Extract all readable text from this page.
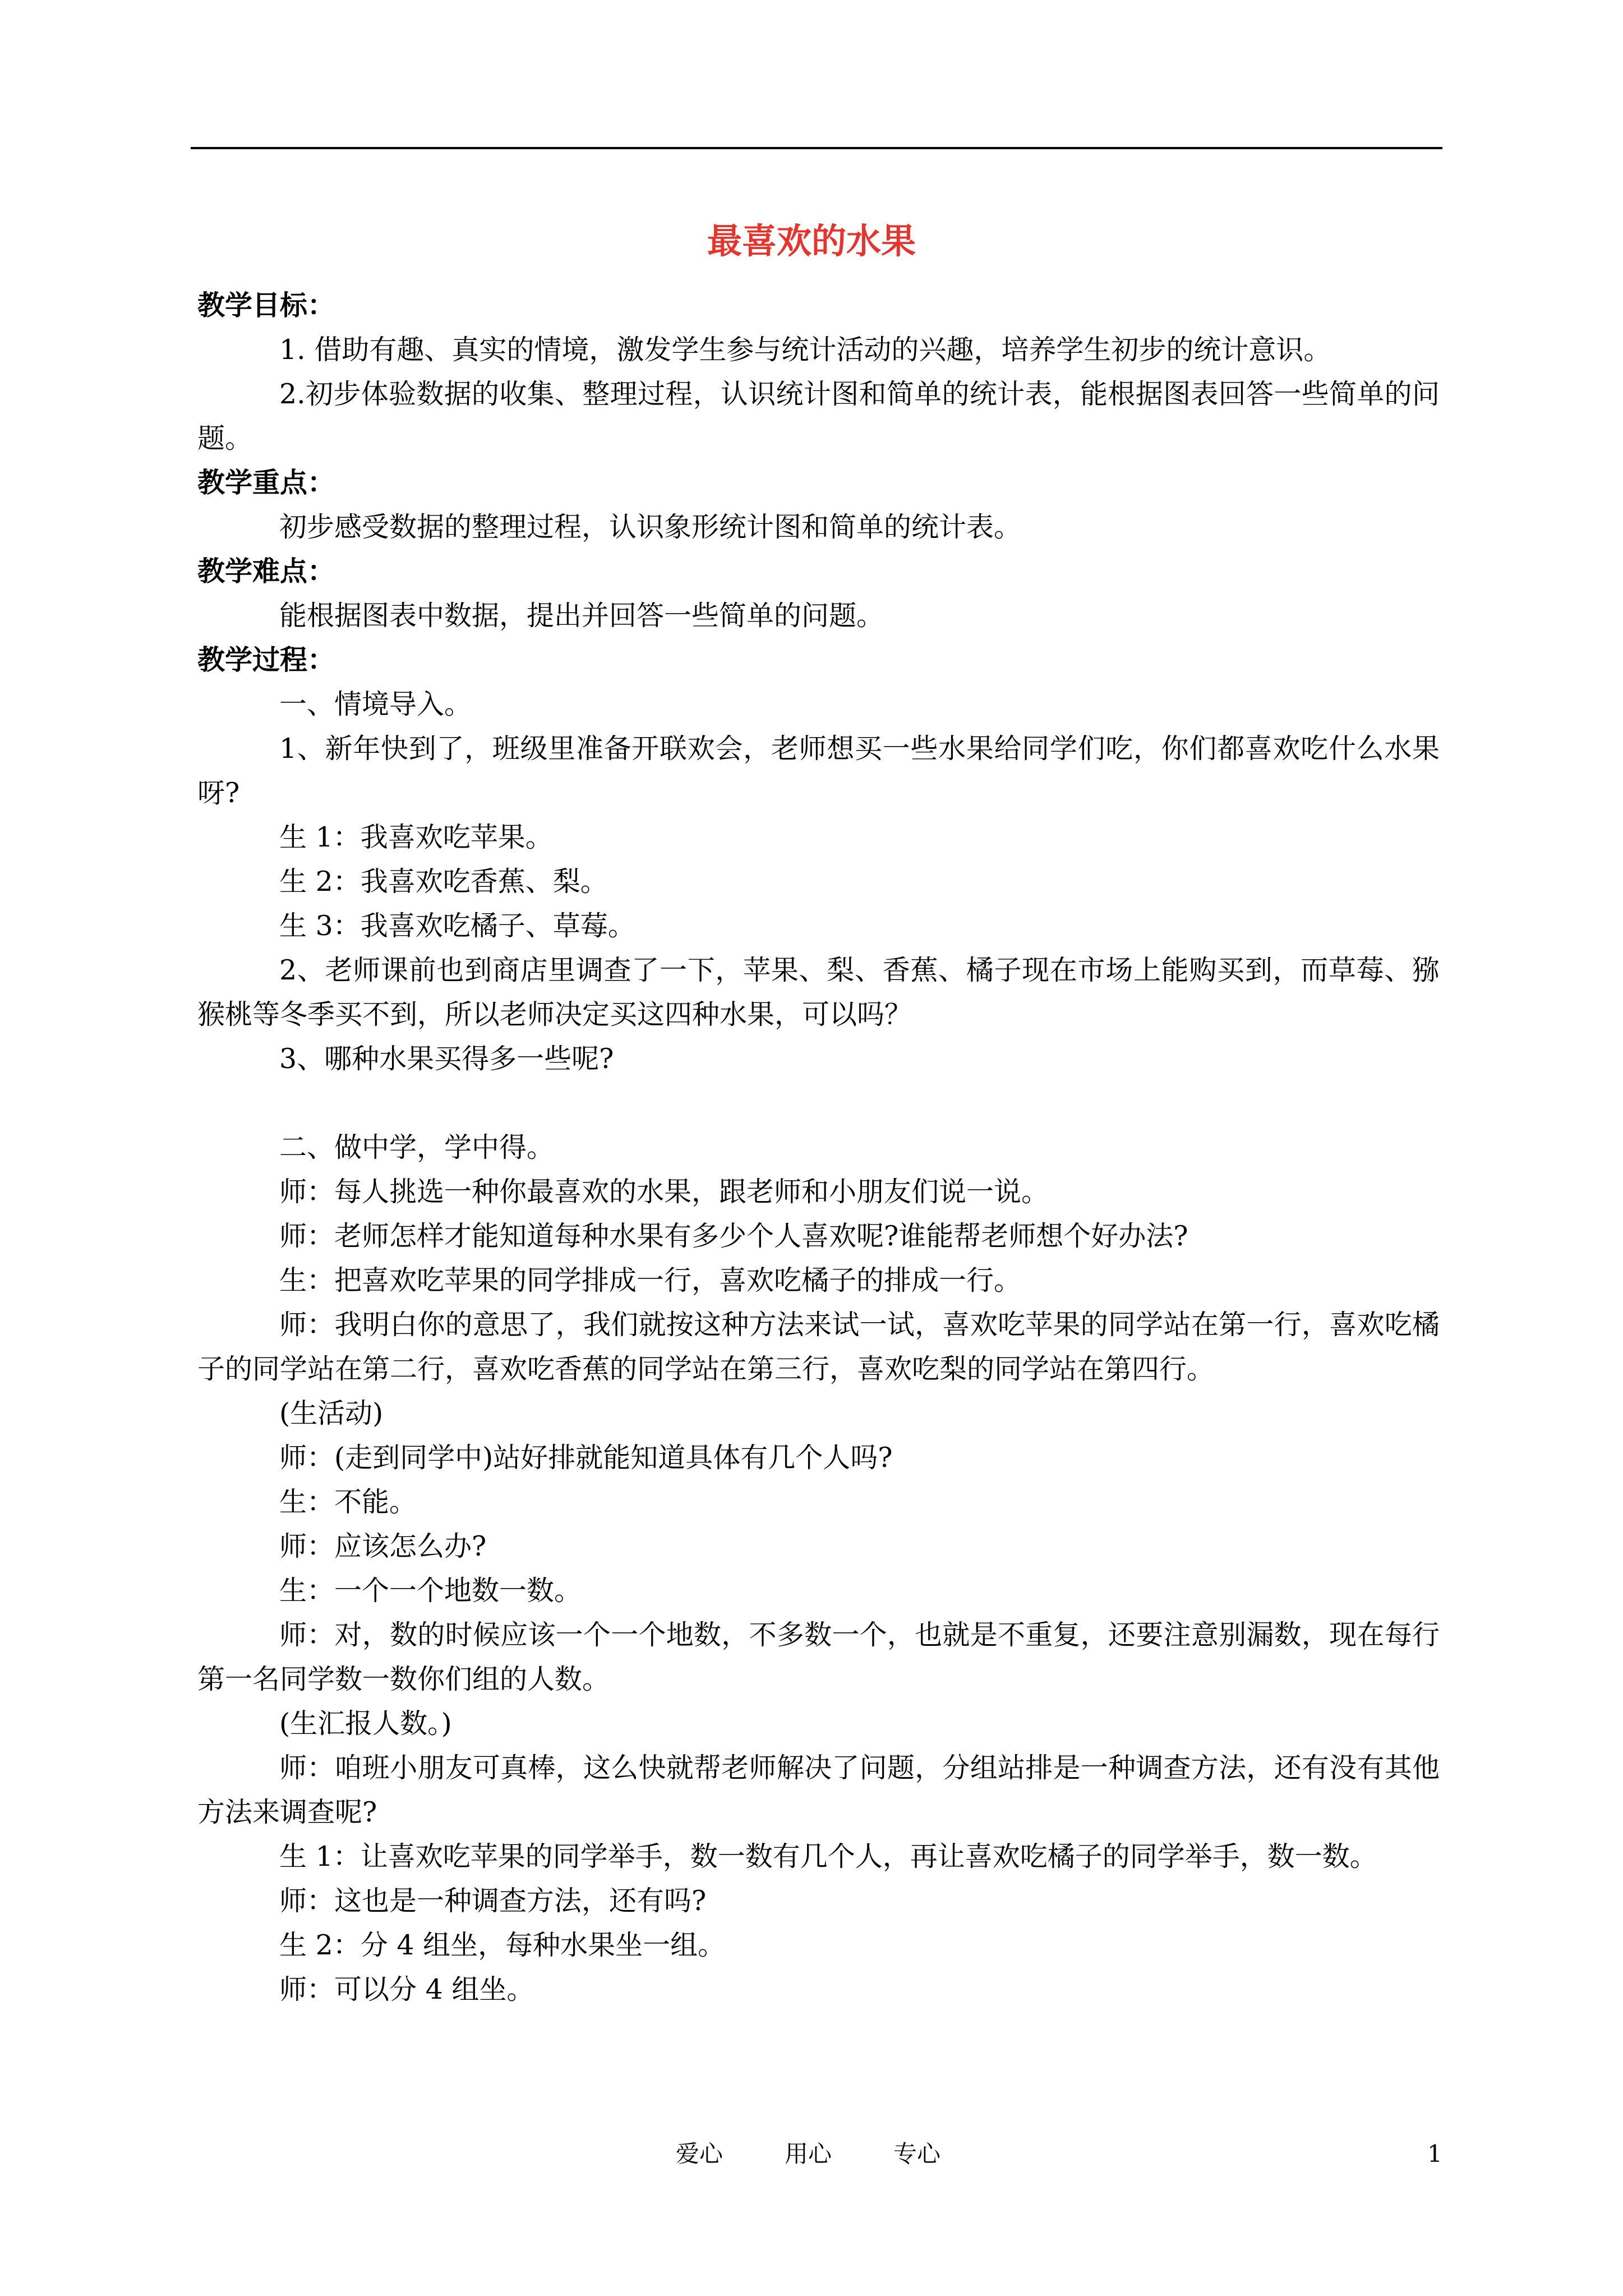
最喜欢的水果

教学目标：

1. 借助有趣、真实的情境，激发学生参与统计活动的兴趣，培养学生初步的统计意识。

2.初步体验数据的收集、整理过程，认识统计图和简单的统计表，能根据图表回答一些简单的问题。

教学重点：

初步感受数据的整理过程，认识象形统计图和简单的统计表。

教学难点：

能根据图表中数据，提出并回答一些简单的问题。

教学过程：

一、情境导入。

1、新年快到了，班级里准备开联欢会，老师想买一些水果给同学们吃，你们都喜欢吃什么水果呀?

生 1：我喜欢吃苹果。

生 2：我喜欢吃香蕉、梨。

生 3：我喜欢吃橘子、草莓。

2、老师课前也到商店里调查了一下，苹果、梨、香蕉、橘子现在市场上能购买到，而草莓、猕猴桃等冬季买不到，所以老师决定买这四种水果，可以吗？

3、哪种水果买得多一些呢?

二、做中学，学中得。

师：每人挑选一种你最喜欢的水果，跟老师和小朋友们说一说。

师：老师怎样才能知道每种水果有多少个人喜欢呢?谁能帮老师想个好办法?

生：把喜欢吃苹果的同学排成一行，喜欢吃橘子的排成一行。

师：我明白你的意思了，我们就按这种方法来试一试，喜欢吃苹果的同学站在第一行，喜欢吃橘子的同学站在第二行，喜欢吃香蕉的同学站在第三行，喜欢吃梨的同学站在第四行。

(生活动)

师：(走到同学中)站好排就能知道具体有几个人吗?

生：不能。

师：应该怎么办?

生：一个一个地数一数。

师：对，数的时候应该一个一个地数，不多数一个，也就是不重复，还要注意别漏数，现在每行第一名同学数一数你们组的人数。

(生汇报人数。)

师：咱班小朋友可真棒，这么快就帮老师解决了问题，分组站排是一种调查方法，还有没有其他方法来调查呢?

生 1：让喜欢吃苹果的同学举手，数一数有几个人，再让喜欢吃橘子的同学举手，数一数。

师：这也是一种调查方法，还有吗?

生 2：分 4 组坐，每种水果坐一组。

师：可以分 4 组坐。

爱心	用心	专心	1
